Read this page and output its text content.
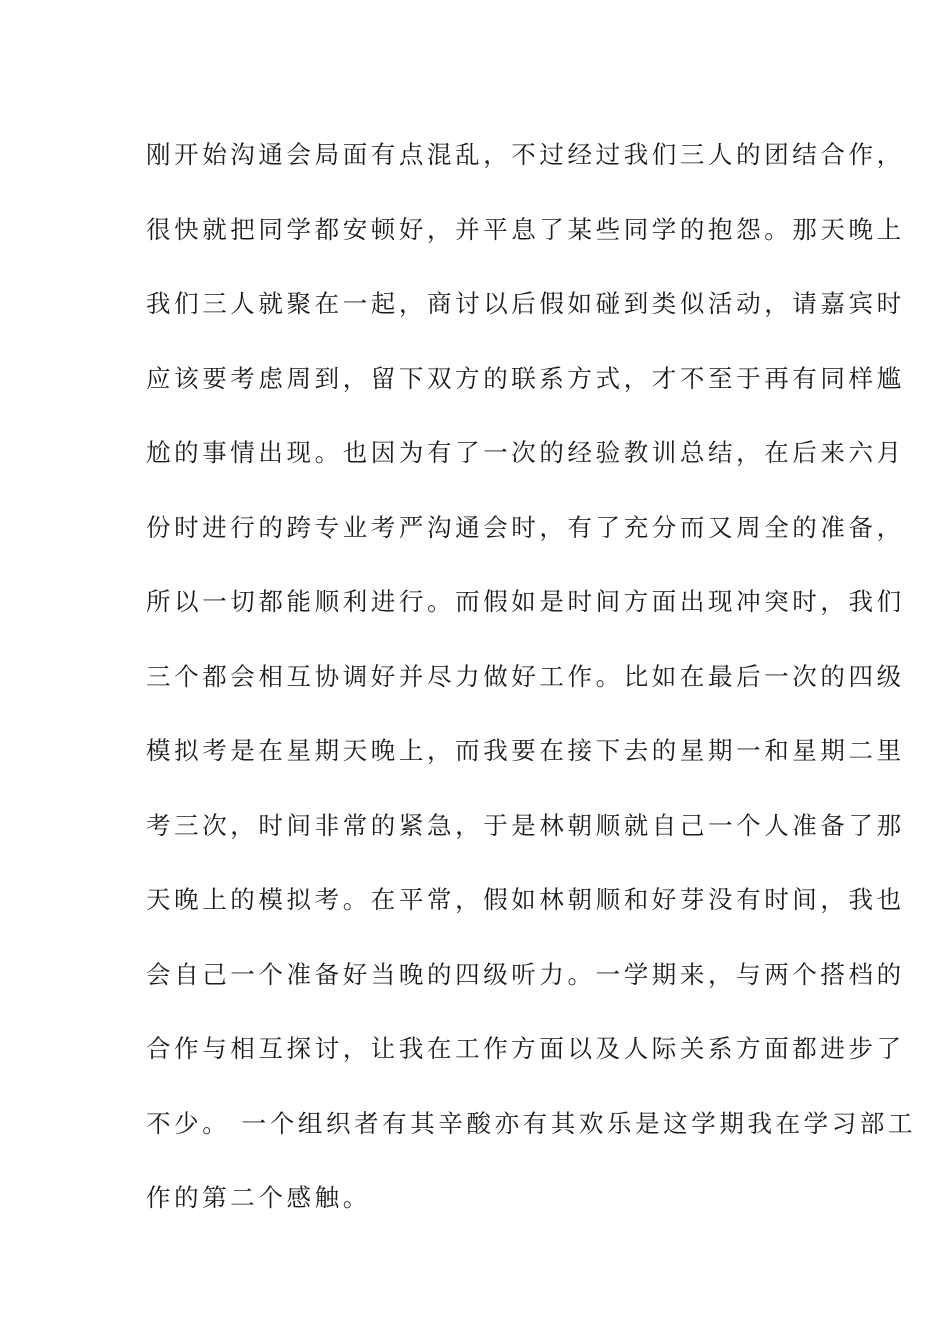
刚开始沟通会局面有点混乱，不过经过我们三人的团结合作，
很快就把同学都安顿好，并平息了某些同学的抱怨。那天晚上
我们三人就聚在一起，商讨以后假如碰到类似活动，请嘉宾时
应该要考虑周到，留下双方的联系方式，才不至于再有同样尴
尬的事情出现。也因为有了一次的经验教训总结，在后来六月
份时进行的跨专业考严沟通会时，有了充分而又周全的准备，
所以一切都能顺利进行。而假如是时间方面出现冲突时，我们
三个都会相互协调好并尽力做好工作。比如在最后一次的四级
模拟考是在星期天晚上，而我要在接下去的星期一和星期二里
考三次，时间非常的紧急，于是林朝顺就自己一个人准备了那
天晚上的模拟考。在平常，假如林朝顺和好芽没有时间，我也
会自己一个准备好当晚的四级听力。一学期来，与两个搭档的
合作与相互探讨，让我在工作方面以及人际关系方面都进步了
不少。 一个组织者有其辛酸亦有其欢乐是这学期我在学习部工
作的第二个感触。
